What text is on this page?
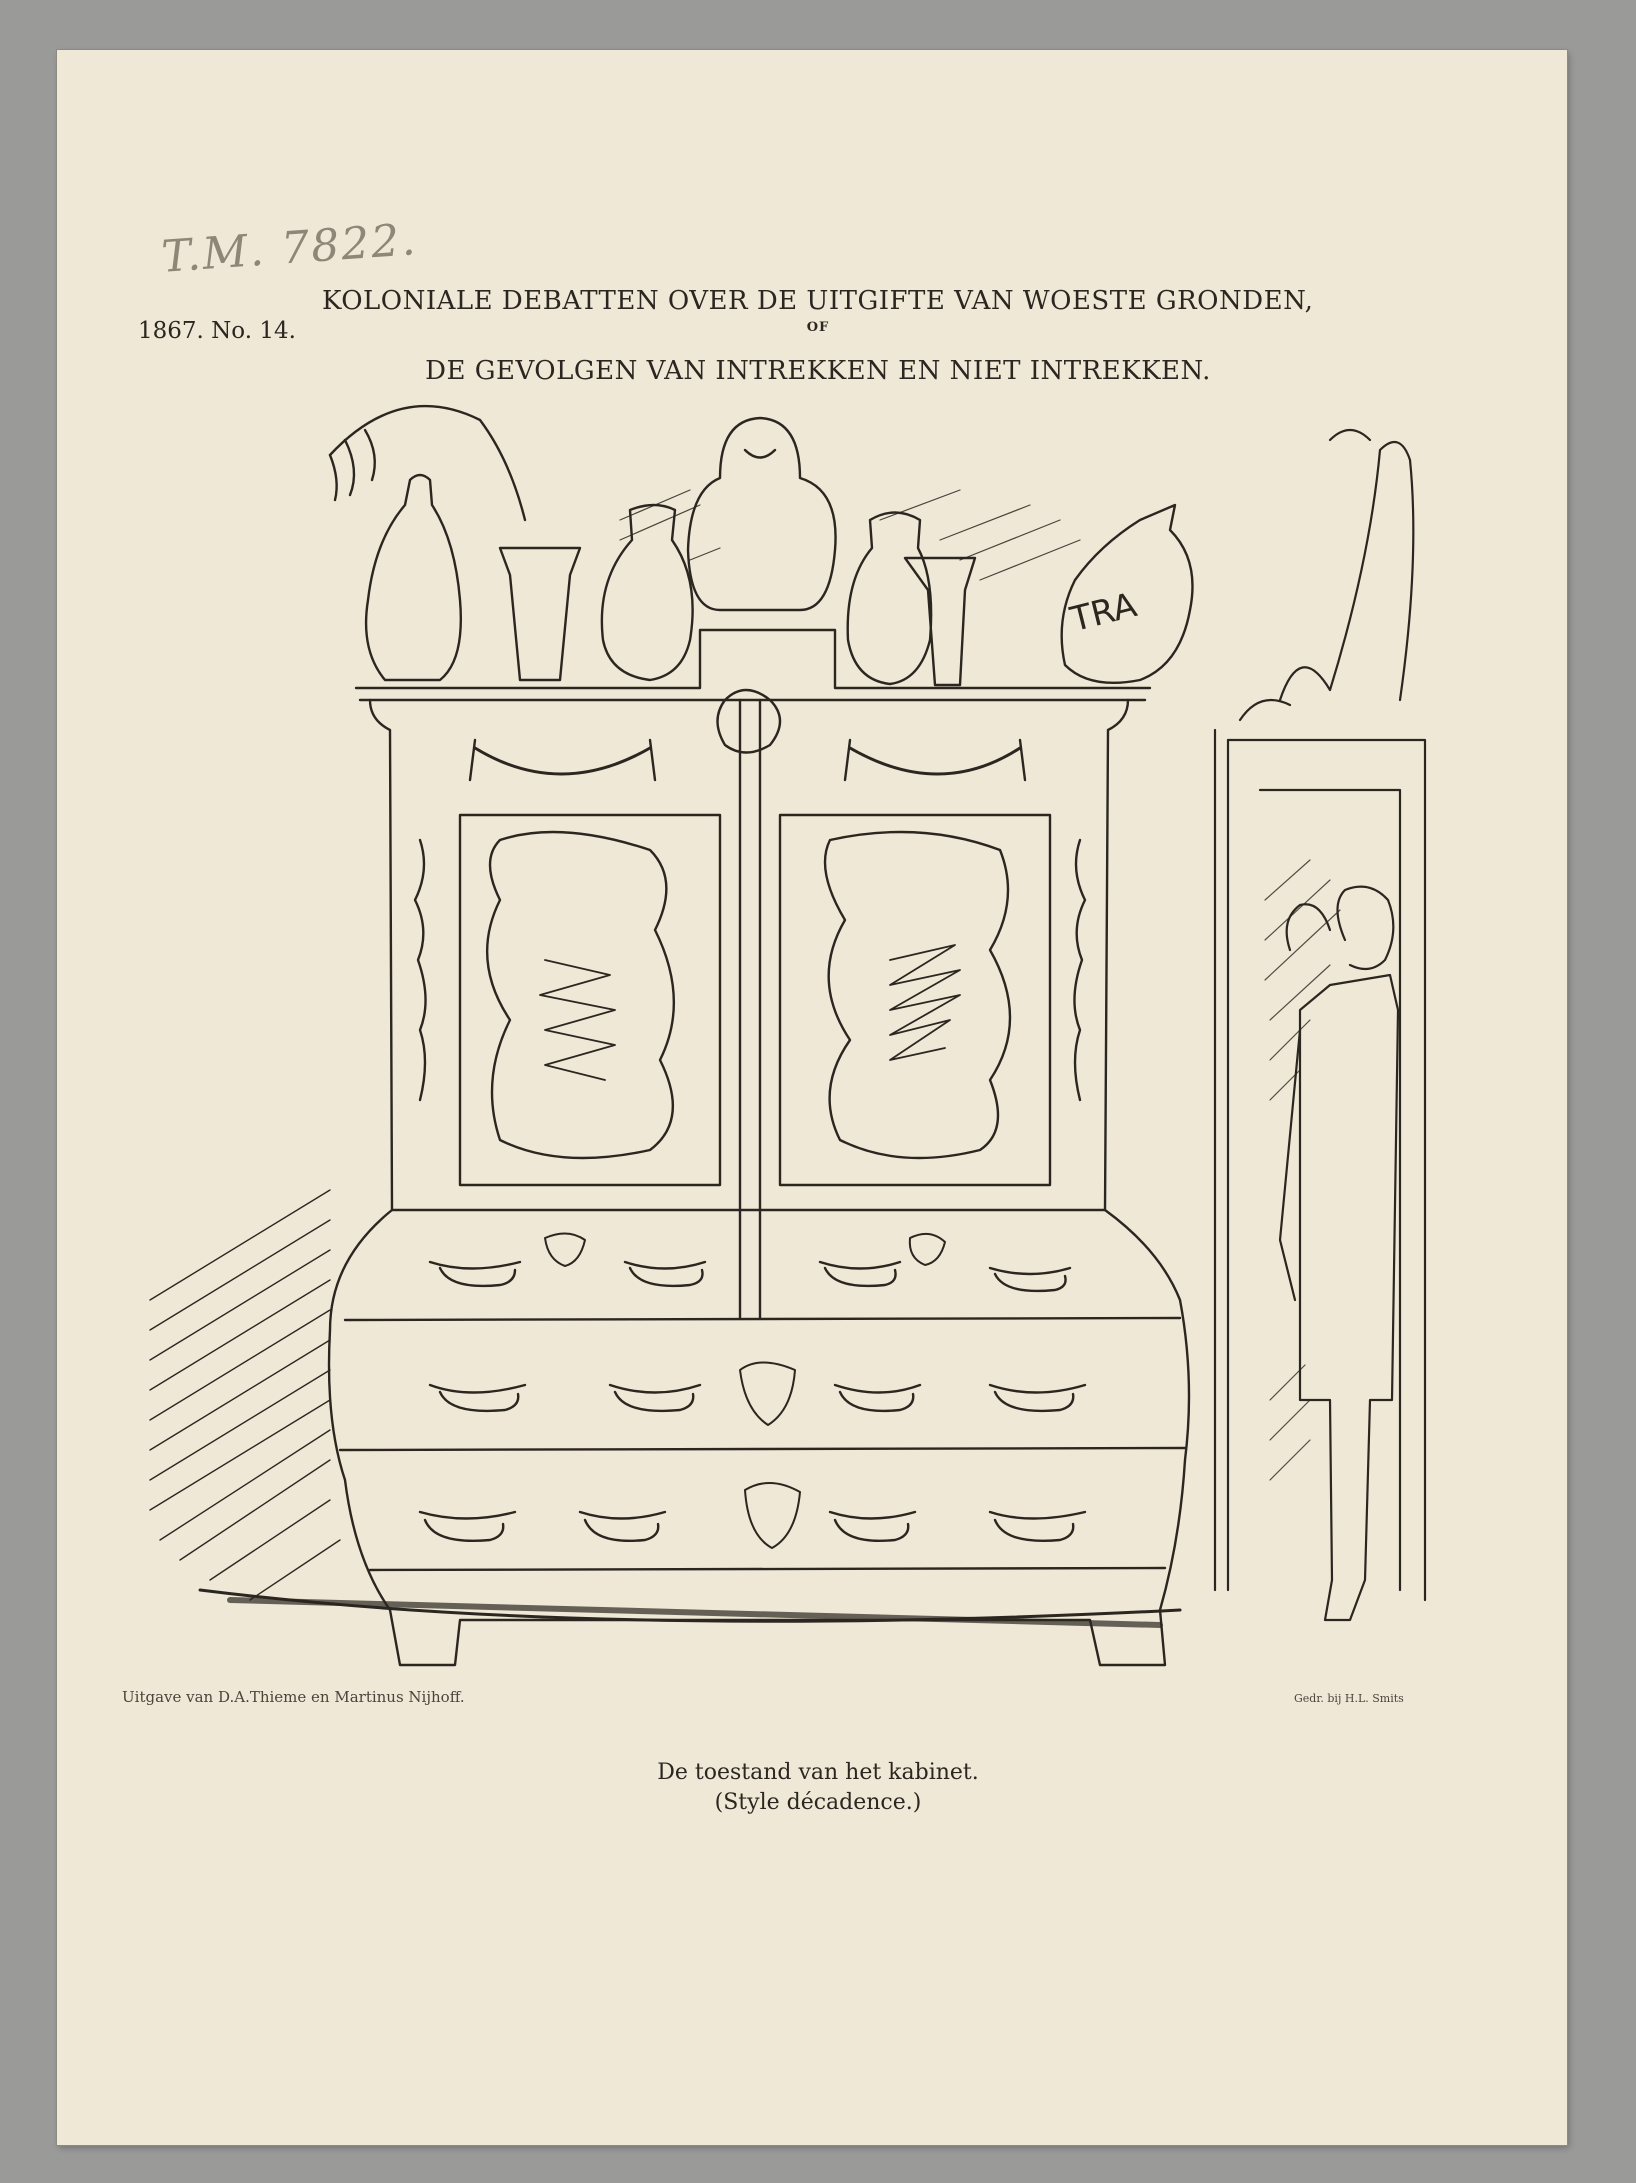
T.M. 7822.
1867. No. 14.
KOLONIALE DEBATTEN OVER DE UITGIFTE VAN WOESTE GRONDEN,
OF
DE GEVOLGEN VAN INTREKKEN EN NIET INTREKKEN.
TRA
Uitgave van D.A.Thieme en Martinus Nijhoff.	Gedr. bij H.L. Smits
De toestand van het kabinet.
(Style décadence.)
